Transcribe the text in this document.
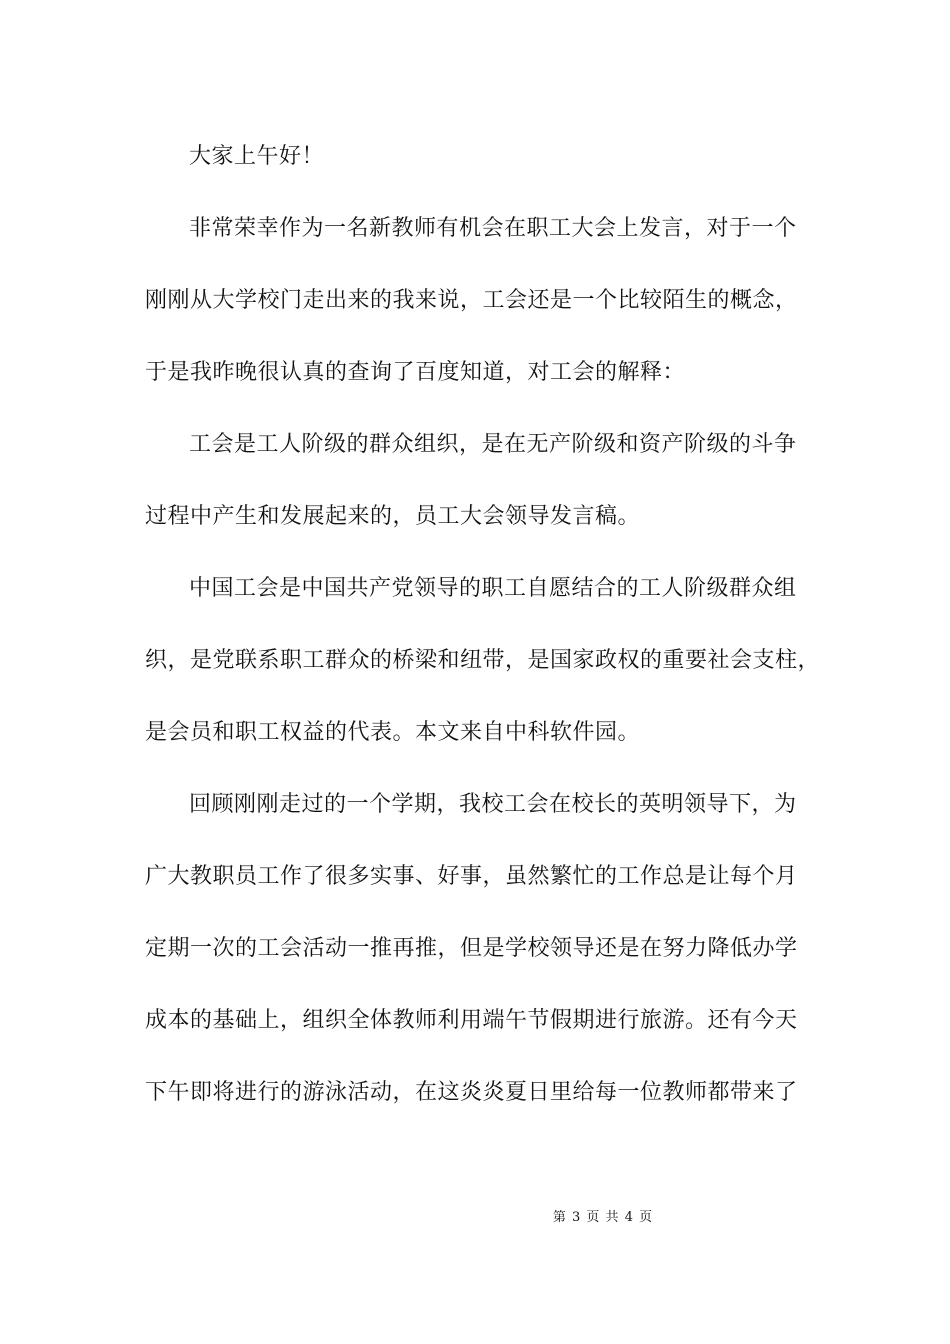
大家上午好！
非常荣幸作为一名新教师有机会在职工大会上发言，对于一个
刚刚从大学校门走出来的我来说，工会还是一个比较陌生的概念，
于是我昨晚很认真的查询了百度知道，对工会的解释：
工会是工人阶级的群众组织，是在无产阶级和资产阶级的斗争
过程中产生和发展起来的，员工大会领导发言稿。
中国工会是中国共产党领导的职工自愿结合的工人阶级群众组
织，是党联系职工群众的桥梁和纽带，是国家政权的重要社会支柱，
是会员和职工权益的代表。本文来自中科软件园。
回顾刚刚走过的一个学期，我校工会在校长的英明领导下，为
广大教职员工作了很多实事、好事，虽然繁忙的工作总是让每个月
定期一次的工会活动一推再推，但是学校领导还是在努力降低办学
成本的基础上，组织全体教师利用端午节假期进行旅游。还有今天
下午即将进行的游泳活动，在这炎炎夏日里给每一位教师都带来了
第 3 页 共 4 页
